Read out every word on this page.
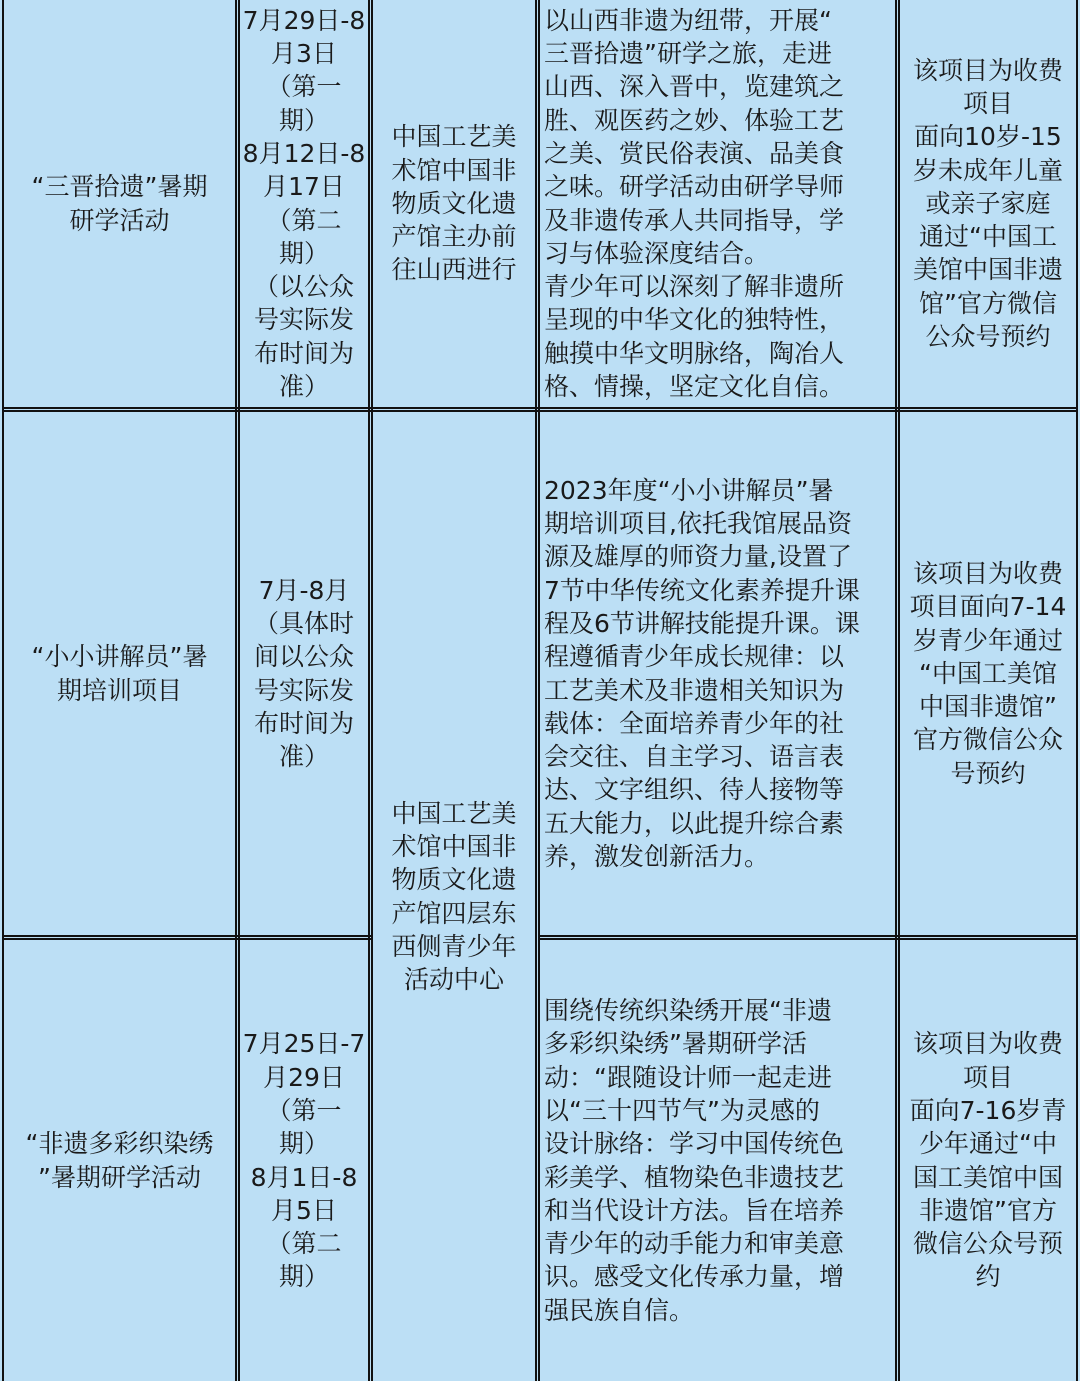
“三晋拾遗”暑期
研学活动
7月29日-8
月3日
（第一
期）
8月12日-8
月17日
（第二
期）
（以公众
号实际发
布时间为
准）
中国工艺美
术馆中国非
物质文化遗
产馆主办前
往山西进行
以山西非遗为纽带，开展“
三晋拾遗”研学之旅，走进
山西、深入晋中，览建筑之
胜、观医药之妙、体验工艺
之美、赏民俗表演、品美食
之味。研学活动由研学导师
及非遗传承人共同指导，学
习与体验深度结合。
青少年可以深刻了解非遗所
呈现的中华文化的独特性，
触摸中华文明脉络，陶冶人
格、情操，坚定文化自信。
该项目为收费
项目
面向10岁-15
岁未成年儿童
或亲子家庭
通过“中国工
美馆中国非遗
馆”官方微信
公众号预约
“小小讲解员”暑
期培训项目
7月-8月
（具体时
间以公众
号实际发
布时间为
准）
2023年度“小小讲解员”暑
期培训项目,依托我馆展品资
源及雄厚的师资力量,设置了
7节中华传统文化素养提升课
程及6节讲解技能提升课。课
程遵循青少年成长规律：以
工艺美术及非遗相关知识为
载体：全面培养青少年的社
会交往、自主学习、语言表
达、文字组织、待人接物等
五大能力，以此提升综合素
养，激发创新活力。
该项目为收费
项目面向7-14
岁青少年通过
“中国工美馆
中国非遗馆”
官方微信公众
号预约
中国工艺美
术馆中国非
物质文化遗
产馆四层东
西侧青少年
活动中心
“非遗多彩织染绣
”暑期研学活动
7月25日-7
月29日
（第一
期）
8月1日-8
月5日
（第二
期）
围绕传统织染绣开展“非遗
多彩织染绣”暑期研学活
动：“跟随设计师一起走进
以“三十四节气”为灵感的
设计脉络：学习中国传统色
彩美学、植物染色非遗技艺
和当代设计方法。旨在培养
青少年的动手能力和审美意
识。感受文化传承力量，增
强民族自信。
该项目为收费
项目
面向7-16岁青
少年通过“中
国工美馆中国
非遗馆”官方
微信公众号预
约
